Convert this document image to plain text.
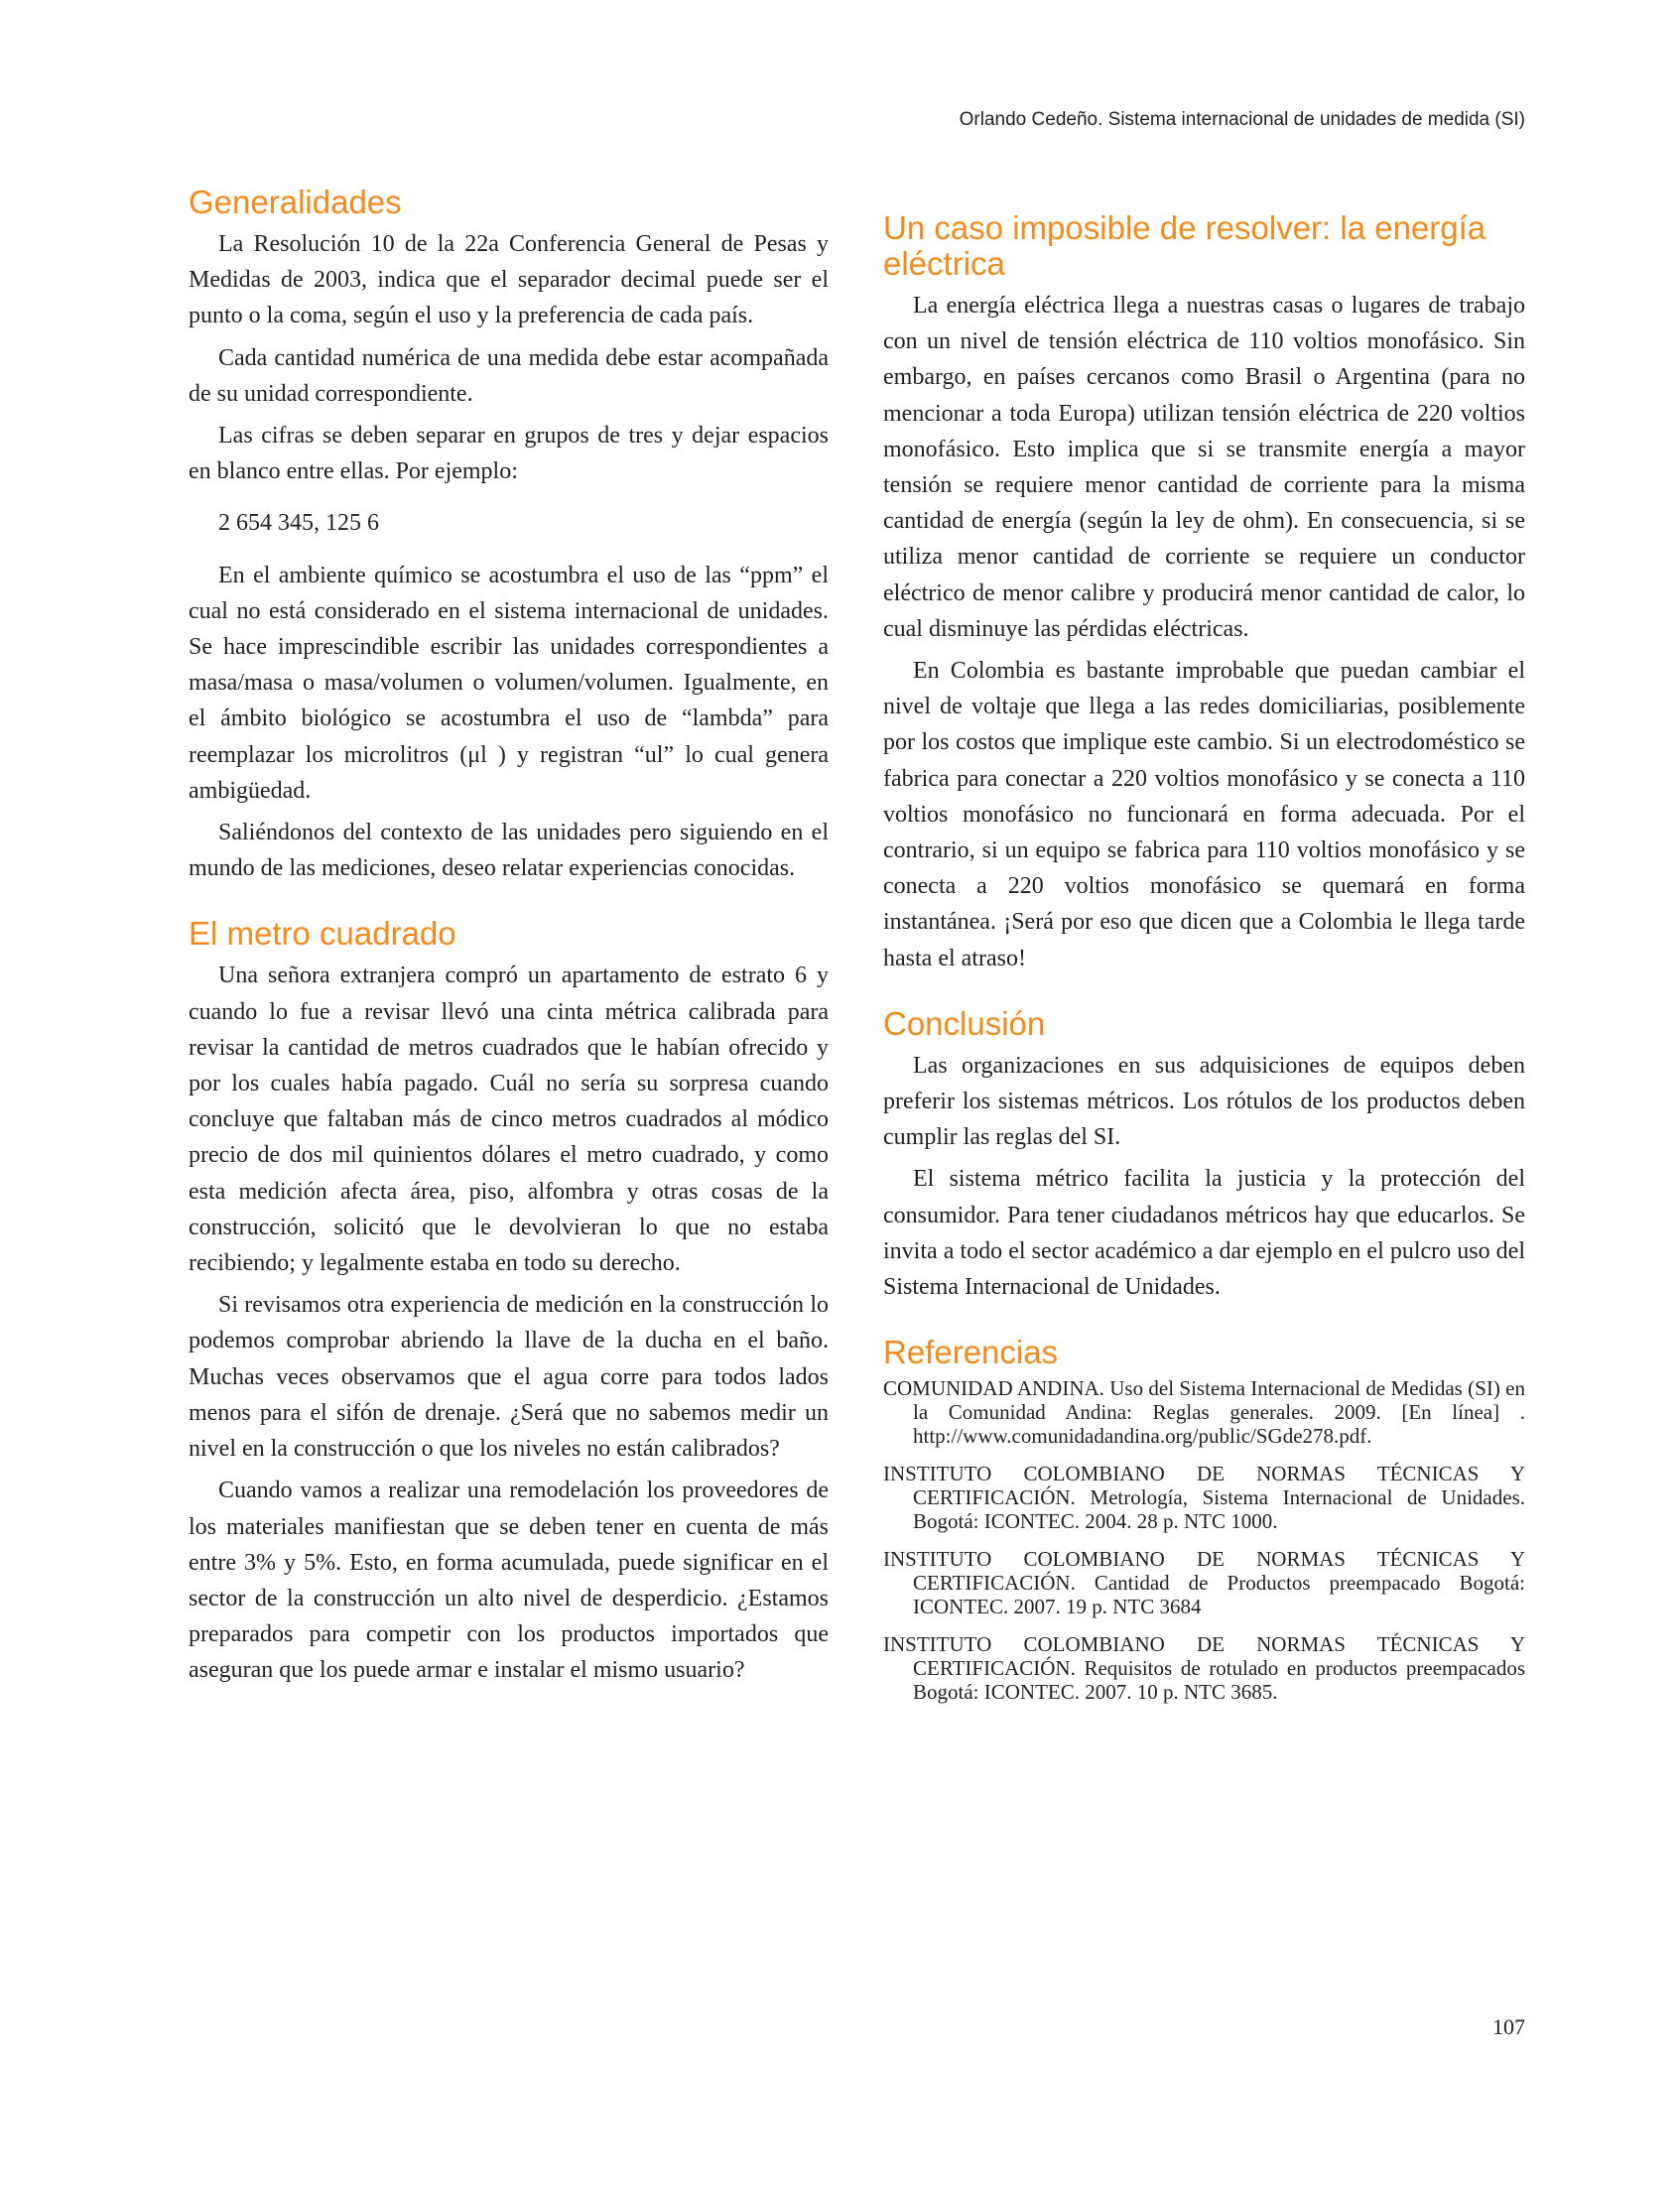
Orlando Cedeño. Sistema internacional de unidades de medida (SI)
Generalidades

La Resolución 10 de la 22a Conferencia General de Pesas y Medidas de 2003, indica que el separador decimal puede ser el punto o la coma, según el uso y la preferencia de cada país.

Cada cantidad numérica de una medida debe estar acompañada de su unidad correspondiente.

Las cifras se deben separar en grupos de tres y dejar espacios en blanco entre ellas. Por ejemplo:

2 654 345, 125 6

En el ambiente químico se acostumbra el uso de las “ppm” el cual no está considerado en el sistema internacional de unidades. Se hace imprescindible escribir las unidades correspondientes a masa/masa o masa/volumen o volumen/volumen. Igualmente, en el ámbito biológico se acostumbra el uso de “lambda” para reemplazar los microlitros (μl ) y registran “ul” lo cual genera ambigüedad.

Saliéndonos del contexto de las unidades pero siguiendo en el mundo de las mediciones, deseo relatar experiencias conocidas.

El metro cuadrado

Una señora extranjera compró un apartamento de estrato 6 y cuando lo fue a revisar llevó una cinta métrica calibrada para revisar la cantidad de metros cuadrados que le habían ofrecido y por los cuales había pagado. Cuál no sería su sorpresa cuando concluye que faltaban más de cinco metros cuadrados al módico precio de dos mil quinientos dólares el metro cuadrado, y como esta medición afecta área, piso, alfombra y otras cosas de la construcción, solicitó que le devolvieran lo que no estaba recibiendo; y legalmente estaba en todo su derecho.

Si revisamos otra experiencia de medición en la construcción lo podemos comprobar abriendo la llave de la ducha en el baño. Muchas veces observamos que el agua corre para todos lados menos para el sifón de drenaje. ¿Será que no sabemos medir un nivel en la construcción o que los niveles no están calibrados?

Cuando vamos a realizar una remodelación los proveedores de los materiales manifiestan que se deben tener en cuenta de más entre 3% y 5%. Esto, en forma acumulada, puede significar en el sector de la construcción un alto nivel de desperdicio. ¿Estamos preparados para competir con los productos importados que aseguran que los puede armar e instalar el mismo usuario?

Un caso imposible de resolver: la energía eléctrica

La energía eléctrica llega a nuestras casas o lugares de trabajo con un nivel de tensión eléctrica de 110 voltios monofásico. Sin embargo, en países cercanos como Brasil o Argentina (para no mencionar a toda Europa) utilizan tensión eléctrica de 220 voltios monofásico. Esto implica que si se transmite energía a mayor tensión se requiere menor cantidad de corriente para la misma cantidad de energía (según la ley de ohm). En consecuencia, si se utiliza menor cantidad de corriente se requiere un conductor eléctrico de menor calibre y producirá menor cantidad de calor, lo cual disminuye las pérdidas eléctricas.

En Colombia es bastante improbable que puedan cambiar el nivel de voltaje que llega a las redes domiciliarias, posiblemente por los costos que implique este cambio. Si un electrodoméstico se fabrica para conectar a 220 voltios monofásico y se conecta a 110 voltios monofásico no funcionará en forma adecuada. Por el contrario, si un equipo se fabrica para 110 voltios monofásico y se conecta a 220 voltios monofásico se quemará en forma instantánea. ¡Será por eso que dicen que a Colombia le llega tarde hasta el atraso!

Conclusión

Las organizaciones en sus adquisiciones de equipos deben preferir los sistemas métricos. Los rótulos de los productos deben cumplir las reglas del SI.

El sistema métrico facilita la justicia y la protección del consumidor. Para tener ciudadanos métricos hay que educarlos. Se invita a todo el sector académico a dar ejemplo en el pulcro uso del Sistema Internacional de Unidades.

Referencias

COMUNIDAD ANDINA. Uso del Sistema Internacional de Medidas (SI) en la Comunidad Andina: Reglas generales. 2009. [En línea] . http://www.comunidadandina.org/public/SGde278.pdf.

INSTITUTO COLOMBIANO DE NORMAS TÉCNICAS Y CERTIFICACIÓN. Metrología, Sistema Internacional de Unidades. Bogotá: ICONTEC. 2004. 28 p. NTC 1000.

INSTITUTO COLOMBIANO DE NORMAS TÉCNICAS Y CERTIFICACIÓN. Cantidad de Productos preempacado Bogotá: ICONTEC. 2007. 19 p. NTC 3684

INSTITUTO COLOMBIANO DE NORMAS TÉCNICAS Y CERTIFICACIÓN. Requisitos de rotulado en productos preempacados Bogotá: ICONTEC. 2007. 10 p. NTC 3685.

107
